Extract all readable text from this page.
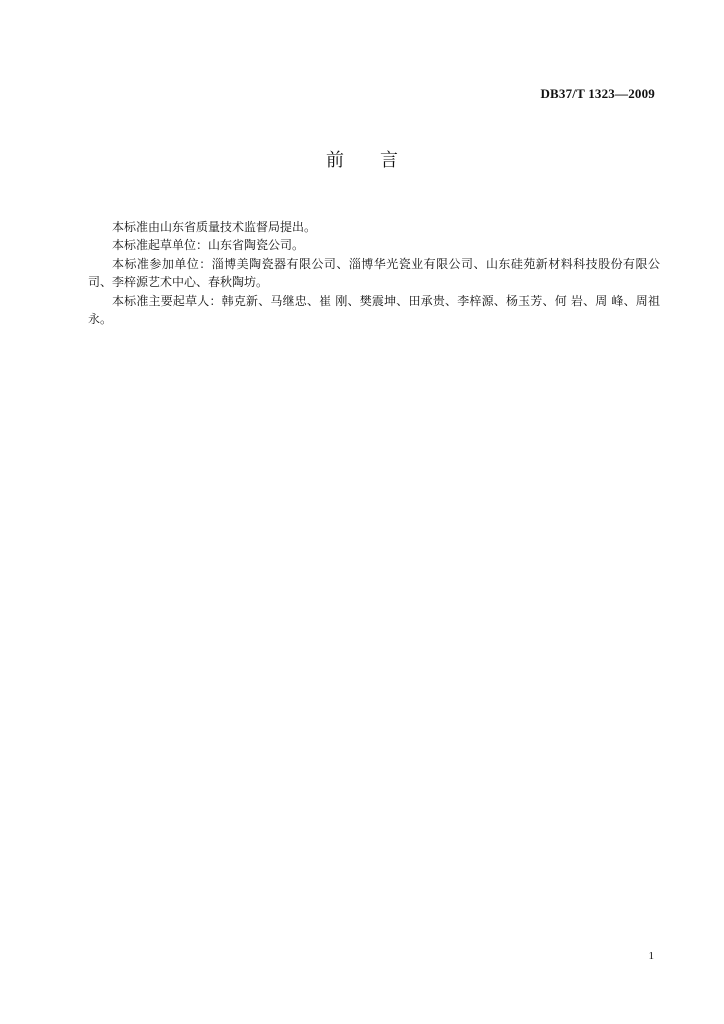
DB37/T 1323—2009
前言

本标准由山东省质量技术监督局提出。

本标准起草单位：山东省陶瓷公司。

本标准参加单位：淄博美陶瓷器有限公司、淄博华光瓷业有限公司、山东硅苑新材料科技股份有限公司、李梓源艺术中心、春秋陶坊。

本标准主要起草人：韩克新、马继忠、崔 刚、樊震坤、田承贵、李梓源、杨玉芳、何 岩、周 峰、周祖永。

1
